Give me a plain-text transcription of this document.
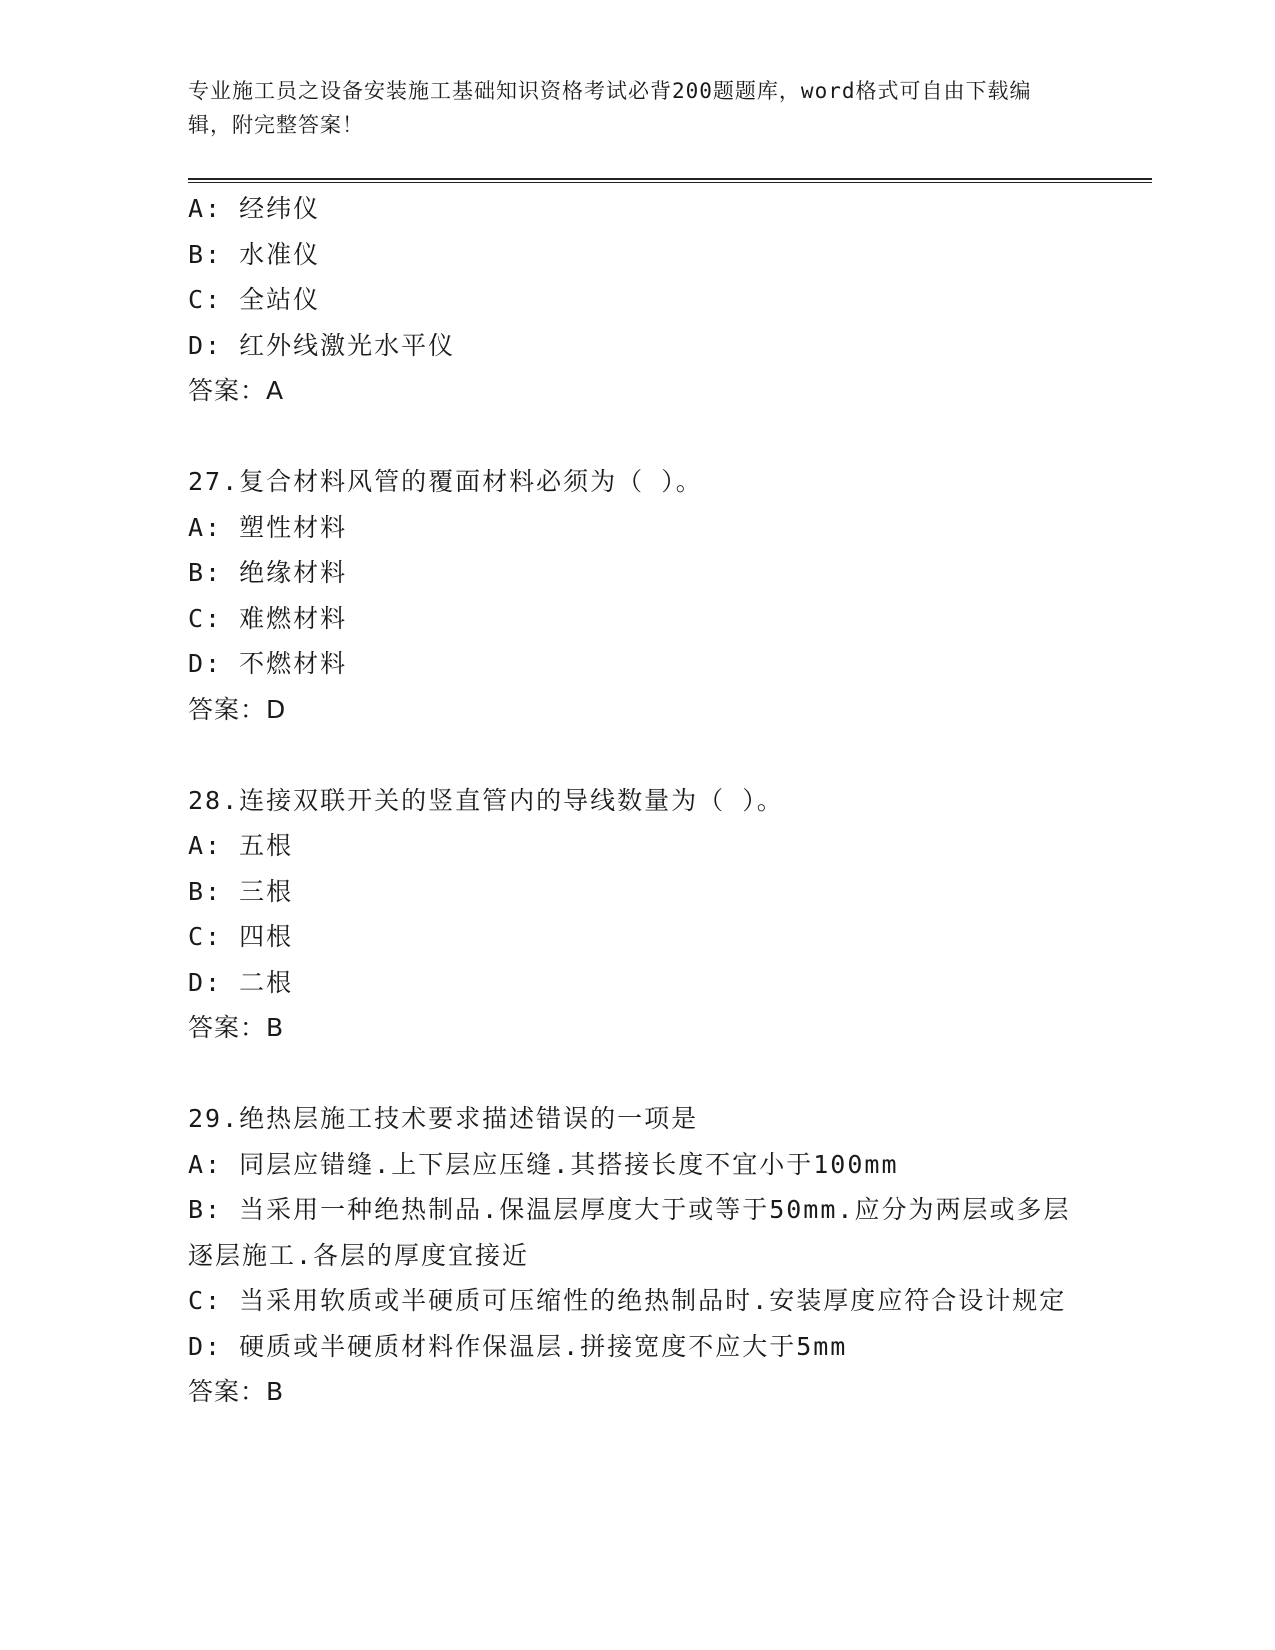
专业施工员之设备安装施工基础知识资格考试必背200题题库，word格式可自由下载编辑，附完整答案！

A: 经纬仪

B: 水准仪

C: 全站仪

D: 红外线激光水平仪

答案：A

27.复合材料风管的覆面材料必须为（ ）。

A: 塑性材料

B: 绝缘材料

C: 难燃材料

D: 不燃材料

答案：D

28.连接双联开关的竖直管内的导线数量为（ ）。

A: 五根

B: 三根

C: 四根

D: 二根

答案：B

29.绝热层施工技术要求描述错误的一项是

A: 同层应错缝.上下层应压缝.其搭接长度不宜小于100mm

B: 当采用一种绝热制品.保温层厚度大于或等于50mm.应分为两层或多层逐层施工.各层的厚度宜接近

C: 当采用软质或半硬质可压缩性的绝热制品时.安装厚度应符合设计规定

D: 硬质或半硬质材料作保温层.拼接宽度不应大于5mm

答案：B
